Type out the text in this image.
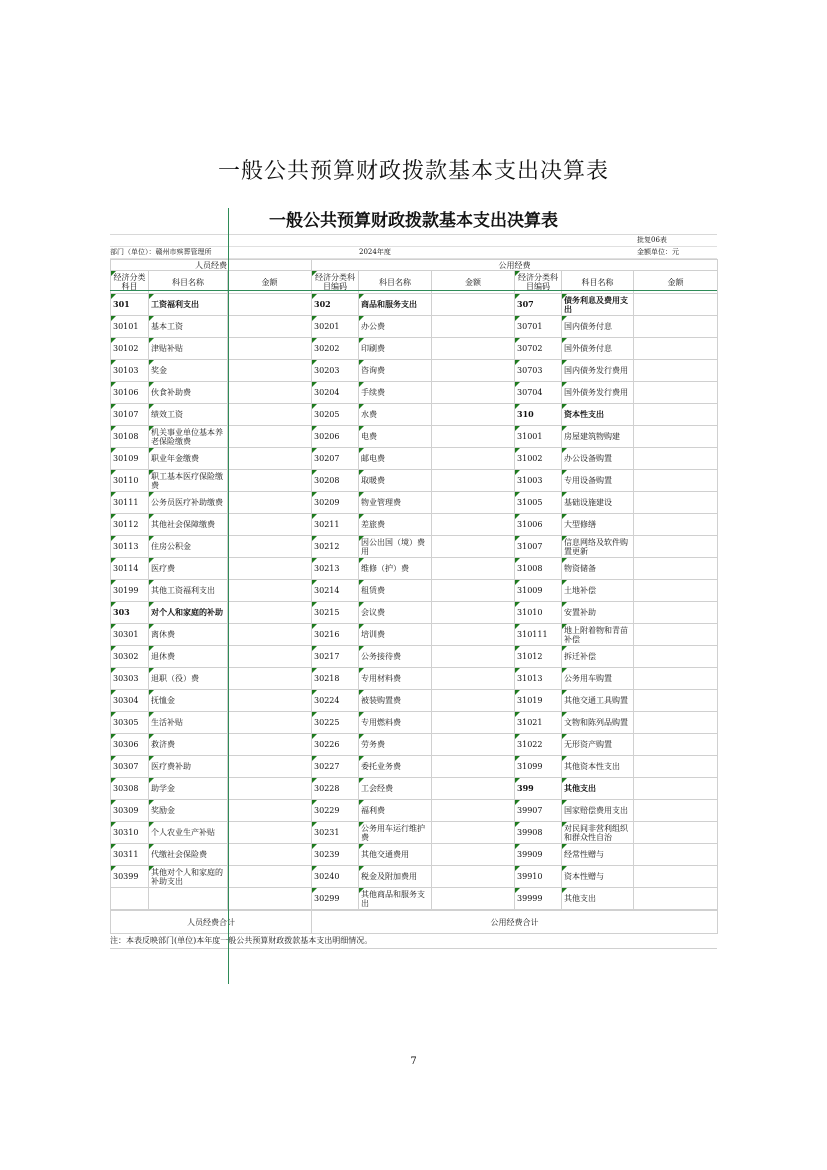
一般公共预算财政拨款基本支出决算表
一般公共预算财政拨款基本支出决算表
批复06表
部门（单位）：赣州市殡葬管理所	2024年度	金额单位：元
人员经费			公用经费					
经济分类科目	科目名称	金额	经济分类科目编码	科目名称	金额	经济分类科目编码	科目名称	金额
301	工资福利支出		302	商品和服务支出		307	债务利息及费用支出	
30101	基本工资		30201	办公费		30701	国内债务付息	
30102	津贴补贴		30202	印刷费		30702	国外债务付息	
30103	奖金		30203	咨询费		30703	国内债务发行费用	
30106	伙食补助费		30204	手续费		30704	国外债务发行费用	
30107	绩效工资		30205	水费		310	资本性支出	
30108	机关事业单位基本养老保险缴费		30206	电费		31001	房屋建筑物购建	
30109	职业年金缴费		30207	邮电费		31002	办公设备购置	
30110	职工基本医疗保险缴费		30208	取暖费		31003	专用设备购置	
30111	公务员医疗补助缴费		30209	物业管理费		31005	基础设施建设	
30112	其他社会保障缴费		30211	差旅费		31006	大型修缮	
30113	住房公积金		30212	因公出国（境）费用		31007	信息网络及软件购置更新	
30114	医疗费		30213	维修（护）费		31008	物资储备	
30199	其他工资福利支出		30214	租赁费		31009	土地补偿	
303	对个人和家庭的补助		30215	会议费		31010	安置补助	
30301	离休费		30216	培训费		310111	地上附着物和青苗补偿	
30302	退休费		30217	公务接待费		31012	拆迁补偿	
30303	退职（役）费		30218	专用材料费		31013	公务用车购置	
30304	抚恤金		30224	被装购置费		31019	其他交通工具购置	
30305	生活补贴		30225	专用燃料费		31021	文物和陈列品购置	
30306	救济费		30226	劳务费		31022	无形资产购置	
30307	医疗费补助		30227	委托业务费		31099	其他资本性支出	
30308	助学金		30228	工会经费		399	其他支出	
30309	奖励金		30229	福利费		39907	国家赔偿费用支出	
30310	个人农业生产补贴		30231	公务用车运行维护费		39908	对民间非营利组织和群众性自治	
30311	代缴社会保险费		30239	其他交通费用		39909	经常性赠与	
30399	其他对个人和家庭的补助支出		30240	税金及附加费用		39910	资本性赠与	
			30299	其他商品和服务支出		39999	其他支出	
人员经费合计	公用经费合计
注：本表反映部门(单位)本年度一般公共预算财政拨款基本支出明细情况。
7
